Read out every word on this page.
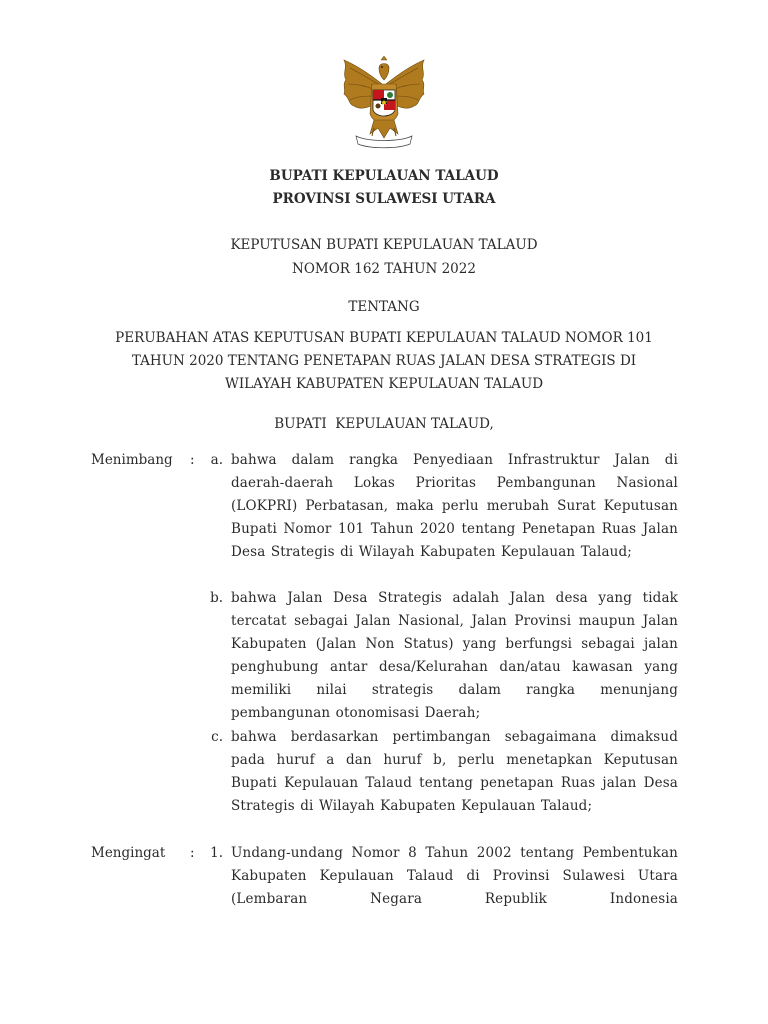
BUPATI KEPULAUAN TALAUD
PROVINSI SULAWESI UTARA
KEPUTUSAN BUPATI KEPULAUAN TALAUD
NOMOR 162 TAHUN 2022
TENTANG
PERUBAHAN ATAS KEPUTUSAN BUPATI KEPULAUAN TALAUD NOMOR 101
TAHUN 2020 TENTANG PENETAPAN RUAS JALAN DESA STRATEGIS DI
WILAYAH KABUPATEN KEPULAUAN TALAUD
BUPATI  KEPULAUAN TALAUD,
Menimbang :	a. bahwa dalam rangka Penyediaan Infrastruktur Jalan di daerah-daerah Lokas Prioritas Pembangunan Nasional (LOKPRI) Perbatasan, maka perlu merubah Surat Keputusan Bupati Nomor 101 Tahun 2020 tentang Penetapan Ruas Jalan Desa Strategis di Wilayah Kabupaten Kepulauan Talaud;
b. bahwa Jalan Desa Strategis adalah Jalan desa yang tidak tercatat sebagai Jalan Nasional, Jalan Provinsi maupun Jalan Kabupaten (Jalan Non Status) yang berfungsi sebagai jalan penghubung antar desa/Kelurahan dan/atau kawasan yang memiliki nilai strategis dalam rangka menunjang pembangunan otonomisasi Daerah;
c. bahwa berdasarkan pertimbangan sebagaimana dimaksud pada huruf a dan huruf b, perlu menetapkan Keputusan Bupati Kepulauan Talaud tentang penetapan Ruas jalan Desa Strategis di Wilayah Kabupaten Kepulauan Talaud;
Mengingat :	1. Undang-undang Nomor 8 Tahun 2002 tentang Pembentukan Kabupaten Kepulauan Talaud di Provinsi Sulawesi Utara (Lembaran Negara Republik Indonesia
